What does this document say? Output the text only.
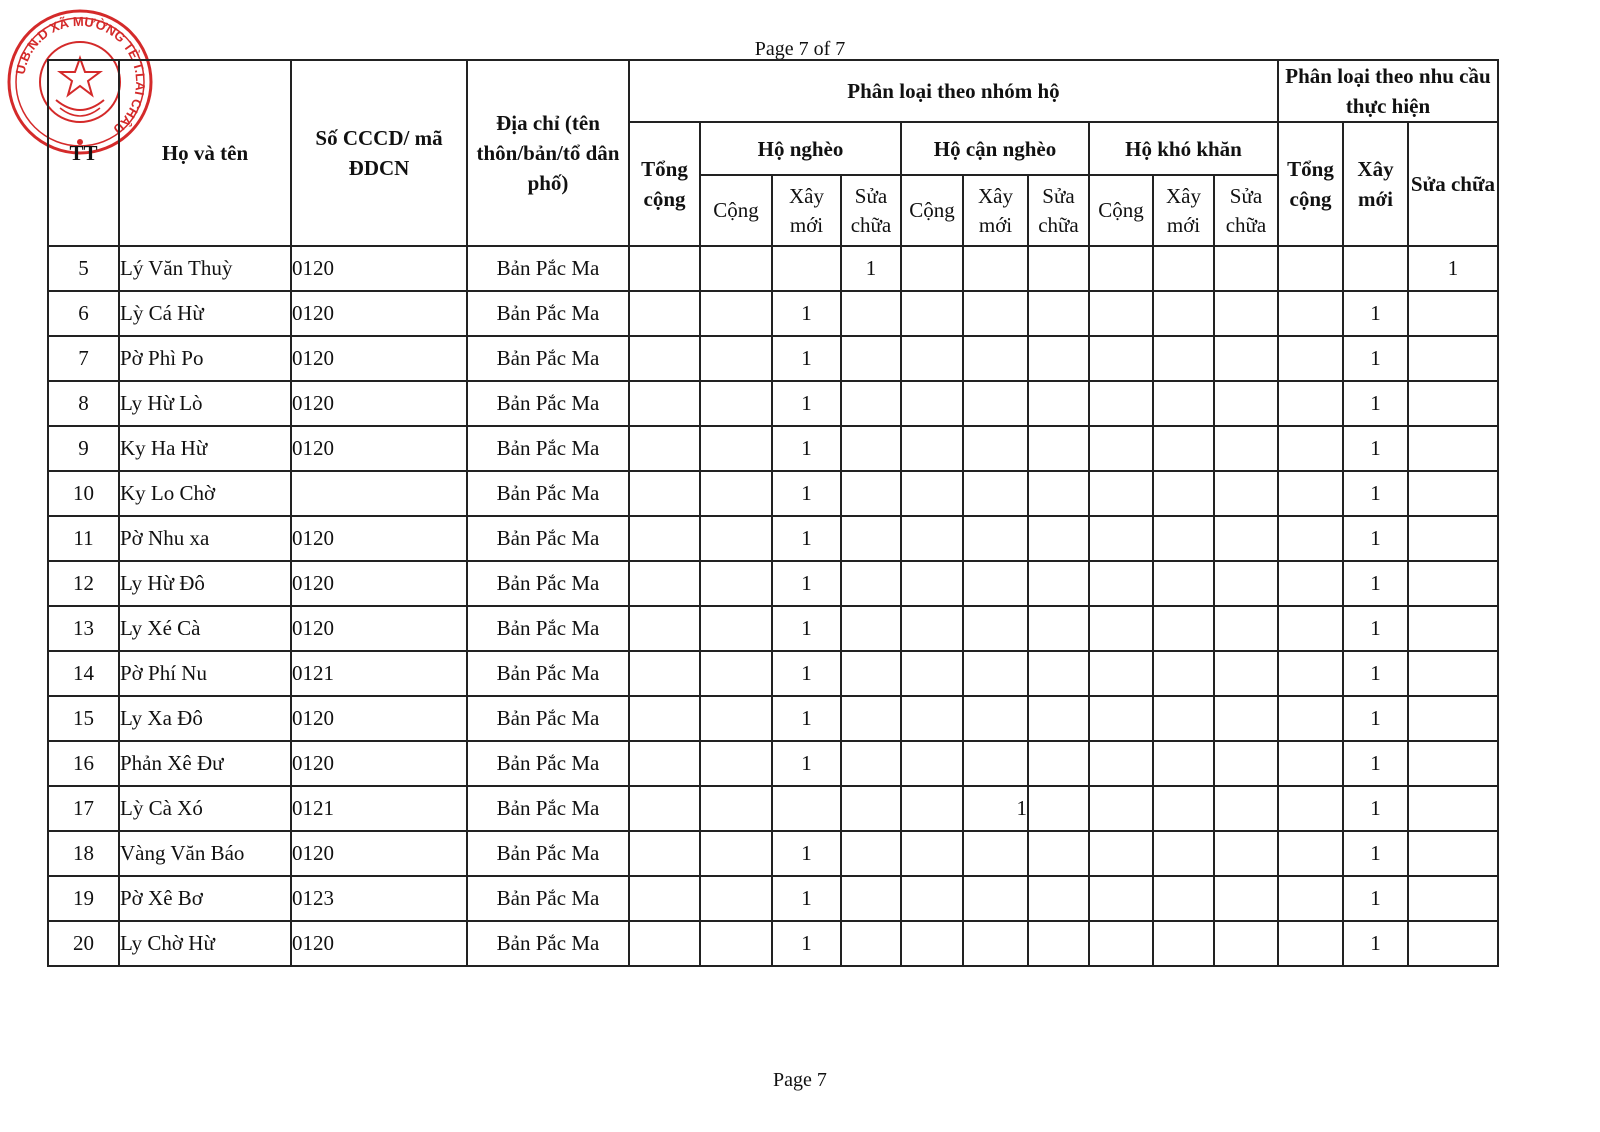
Page 7 of 7
U.B.N.D XÃ MƯỜNG TÈ T.LAI CHÂU
TT	Họ và tên	Số CCCD/ mã ĐDCN	Địa chỉ (tên thôn/bản/tổ dân phố)	Phân loại theo nhóm hộ										Phân loại theo nhu cầu thực hiện		
				Tổng cộng	Hộ nghèo			Hộ cận nghèo			Hộ khó khăn			Tổng cộng	Xây mới	Sửa chữa
					Cộng	Xây mới	Sửa chữa	Cộng	Xây mới	Sửa chữa	Cộng	Xây mới	Sửa chữa			
5	Lý Văn Thuỳ	0120	Bản Pắc Ma				1									1
6	Lỳ Cá Hừ	0120	Bản Pắc Ma			1									1	
7	Pờ Phì Po	0120	Bản Pắc Ma			1									1	
8	Ly Hừ Lò	0120	Bản Pắc Ma			1									1	
9	Ky Ha Hừ	0120	Bản Pắc Ma			1									1	
10	Ky Lo Chờ		Bản Pắc Ma			1									1	
11	Pờ Nhu xa	0120	Bản Pắc Ma			1									1	
12	Ly Hừ Đô	0120	Bản Pắc Ma			1									1	
13	Ly Xé Cà	0120	Bản Pắc Ma			1									1	
14	Pờ Phí Nu	0121	Bản Pắc Ma			1									1	
15	Ly Xa Đô	0120	Bản Pắc Ma			1									1	
16	Phản Xê Đư	0120	Bản Pắc Ma			1									1	
17	Lỳ Cà Xó	0121	Bản Pắc Ma						1						1	
18	Vàng Văn Báo	0120	Bản Pắc Ma			1									1	
19	Pờ Xê Bơ	0123	Bản Pắc Ma			1									1	
20	Ly Chờ Hừ	0120	Bản Pắc Ma			1									1	
Page 7
